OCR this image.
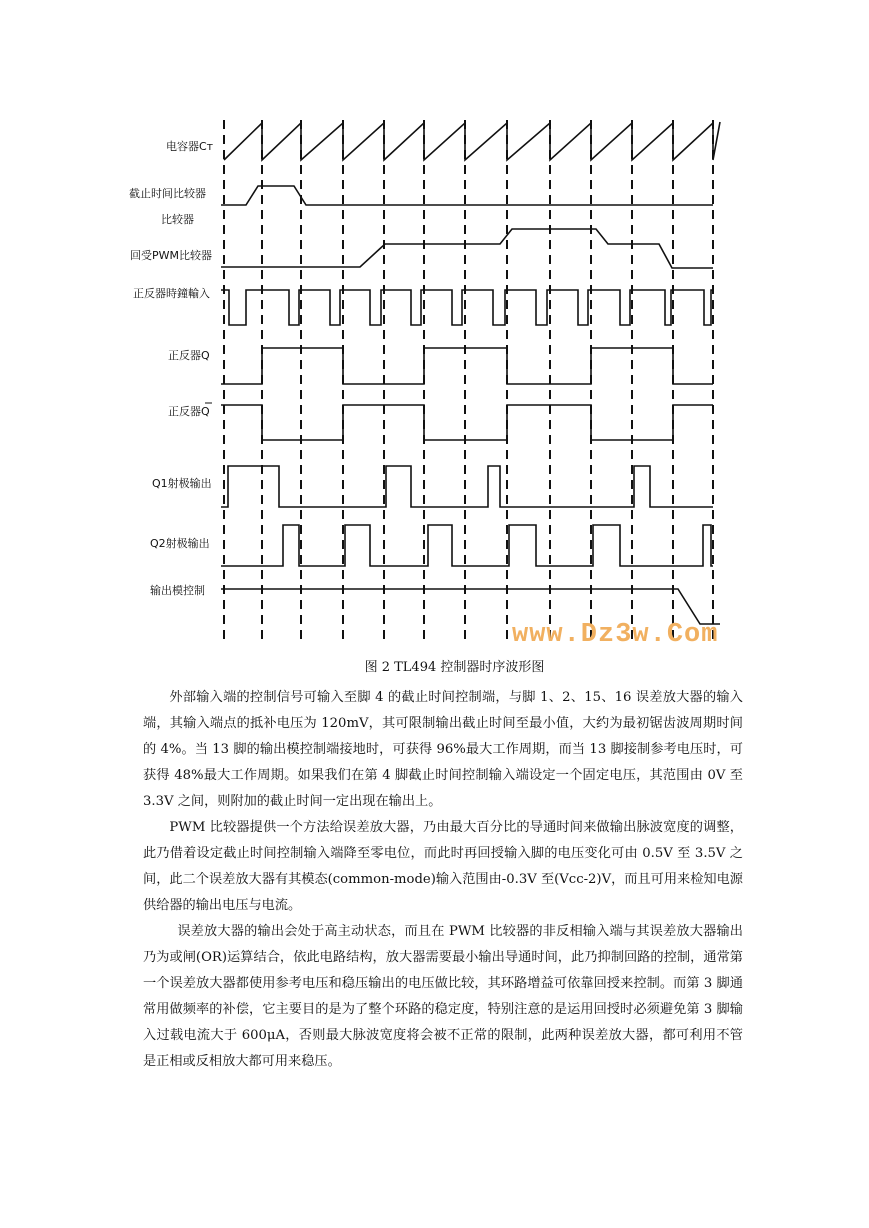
电容器Cт
截止时间比较器
比较器
回受PWM比较器
正反器時鐘輸入
正反器Q
正反器Q
Q1射极输出
Q2射极输出
输出模控制
www.Dz3w.Com
图 2 TL494 控制器时序波形图

外部输入端的控制信号可输入至脚 4 的截止时间控制端，与脚 1、2、15、16 误差放大器的输入端，其输入端点的抵补电压为 120mV，其可限制输出截止时间至最小值，大约为最初锯齿波周期时间的 4%。当 13 脚的输出模控制端接地时，可获得 96%最大工作周期，而当 13 脚接制参考电压时，可获得 48%最大工作周期。如果我们在第 4 脚截止时间控制输入端设定一个固定电压，其范围由 0V 至 3.3V 之间，则附加的截止时间一定出现在输出上。

PWM 比较器提供一个方法给误差放大器，乃由最大百分比的导通时间来做输出脉波宽度的调整，此乃借着设定截止时间控制输入端降至零电位，而此时再回授输入脚的电压变化可由 0.5V 至 3.5V 之间，此二个误差放大器有其模态(common-mode)输入范围由-0.3V 至(Vcc-2)V，而且可用来检知电源供给器的输出电压与电流。

误差放大器的输出会处于高主动状态，而且在 PWM 比较器的非反相输入端与其误差放大器输出乃为或闸(OR)运算结合，依此电路结构，放大器需要最小输出导通时间，此乃抑制回路的控制，通常第一个误差放大器都使用参考电压和稳压输出的电压做比较，其环路增益可依靠回授来控制。而第 3 脚通常用做频率的补偿，它主要目的是为了整个环路的稳定度，特别注意的是运用回授时必须避免第 3 脚输入过载电流大于 600μA，否则最大脉波宽度将会被不正常的限制，此两种误差放大器，都可利用不管是正相或反相放大都可用来稳压。
